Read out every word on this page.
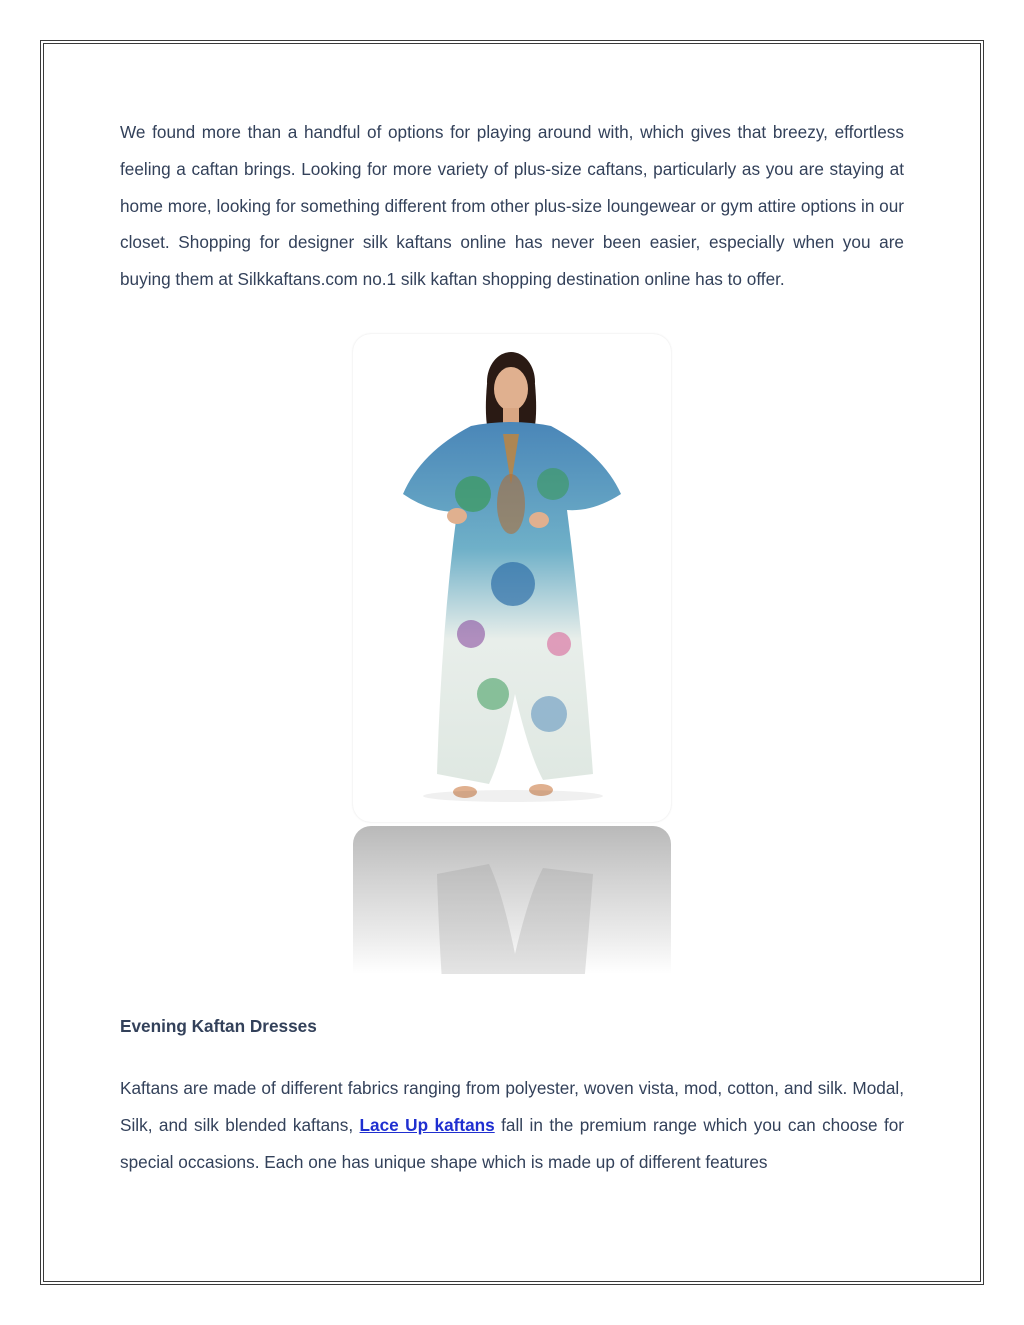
We found more than a handful of options for playing around with, which gives that breezy, effortless feeling a caftan brings. Looking for more variety of plus-size caftans, particularly as you are staying at home more, looking for something different from other plus-size loungewear or gym attire options in our closet. Shopping for designer silk kaftans online has never been easier, especially when you are buying them at Silkkaftans.com no.1 silk kaftan shopping destination online has to offer.

Evening Kaftan Dresses

Kaftans are made of different fabrics ranging from polyester, woven vista, mod, cotton, and silk. Modal, Silk, and silk blended kaftans, Lace Up kaftans fall in the premium range which you can choose for special occasions. Each one has unique shape which is made up of different features
